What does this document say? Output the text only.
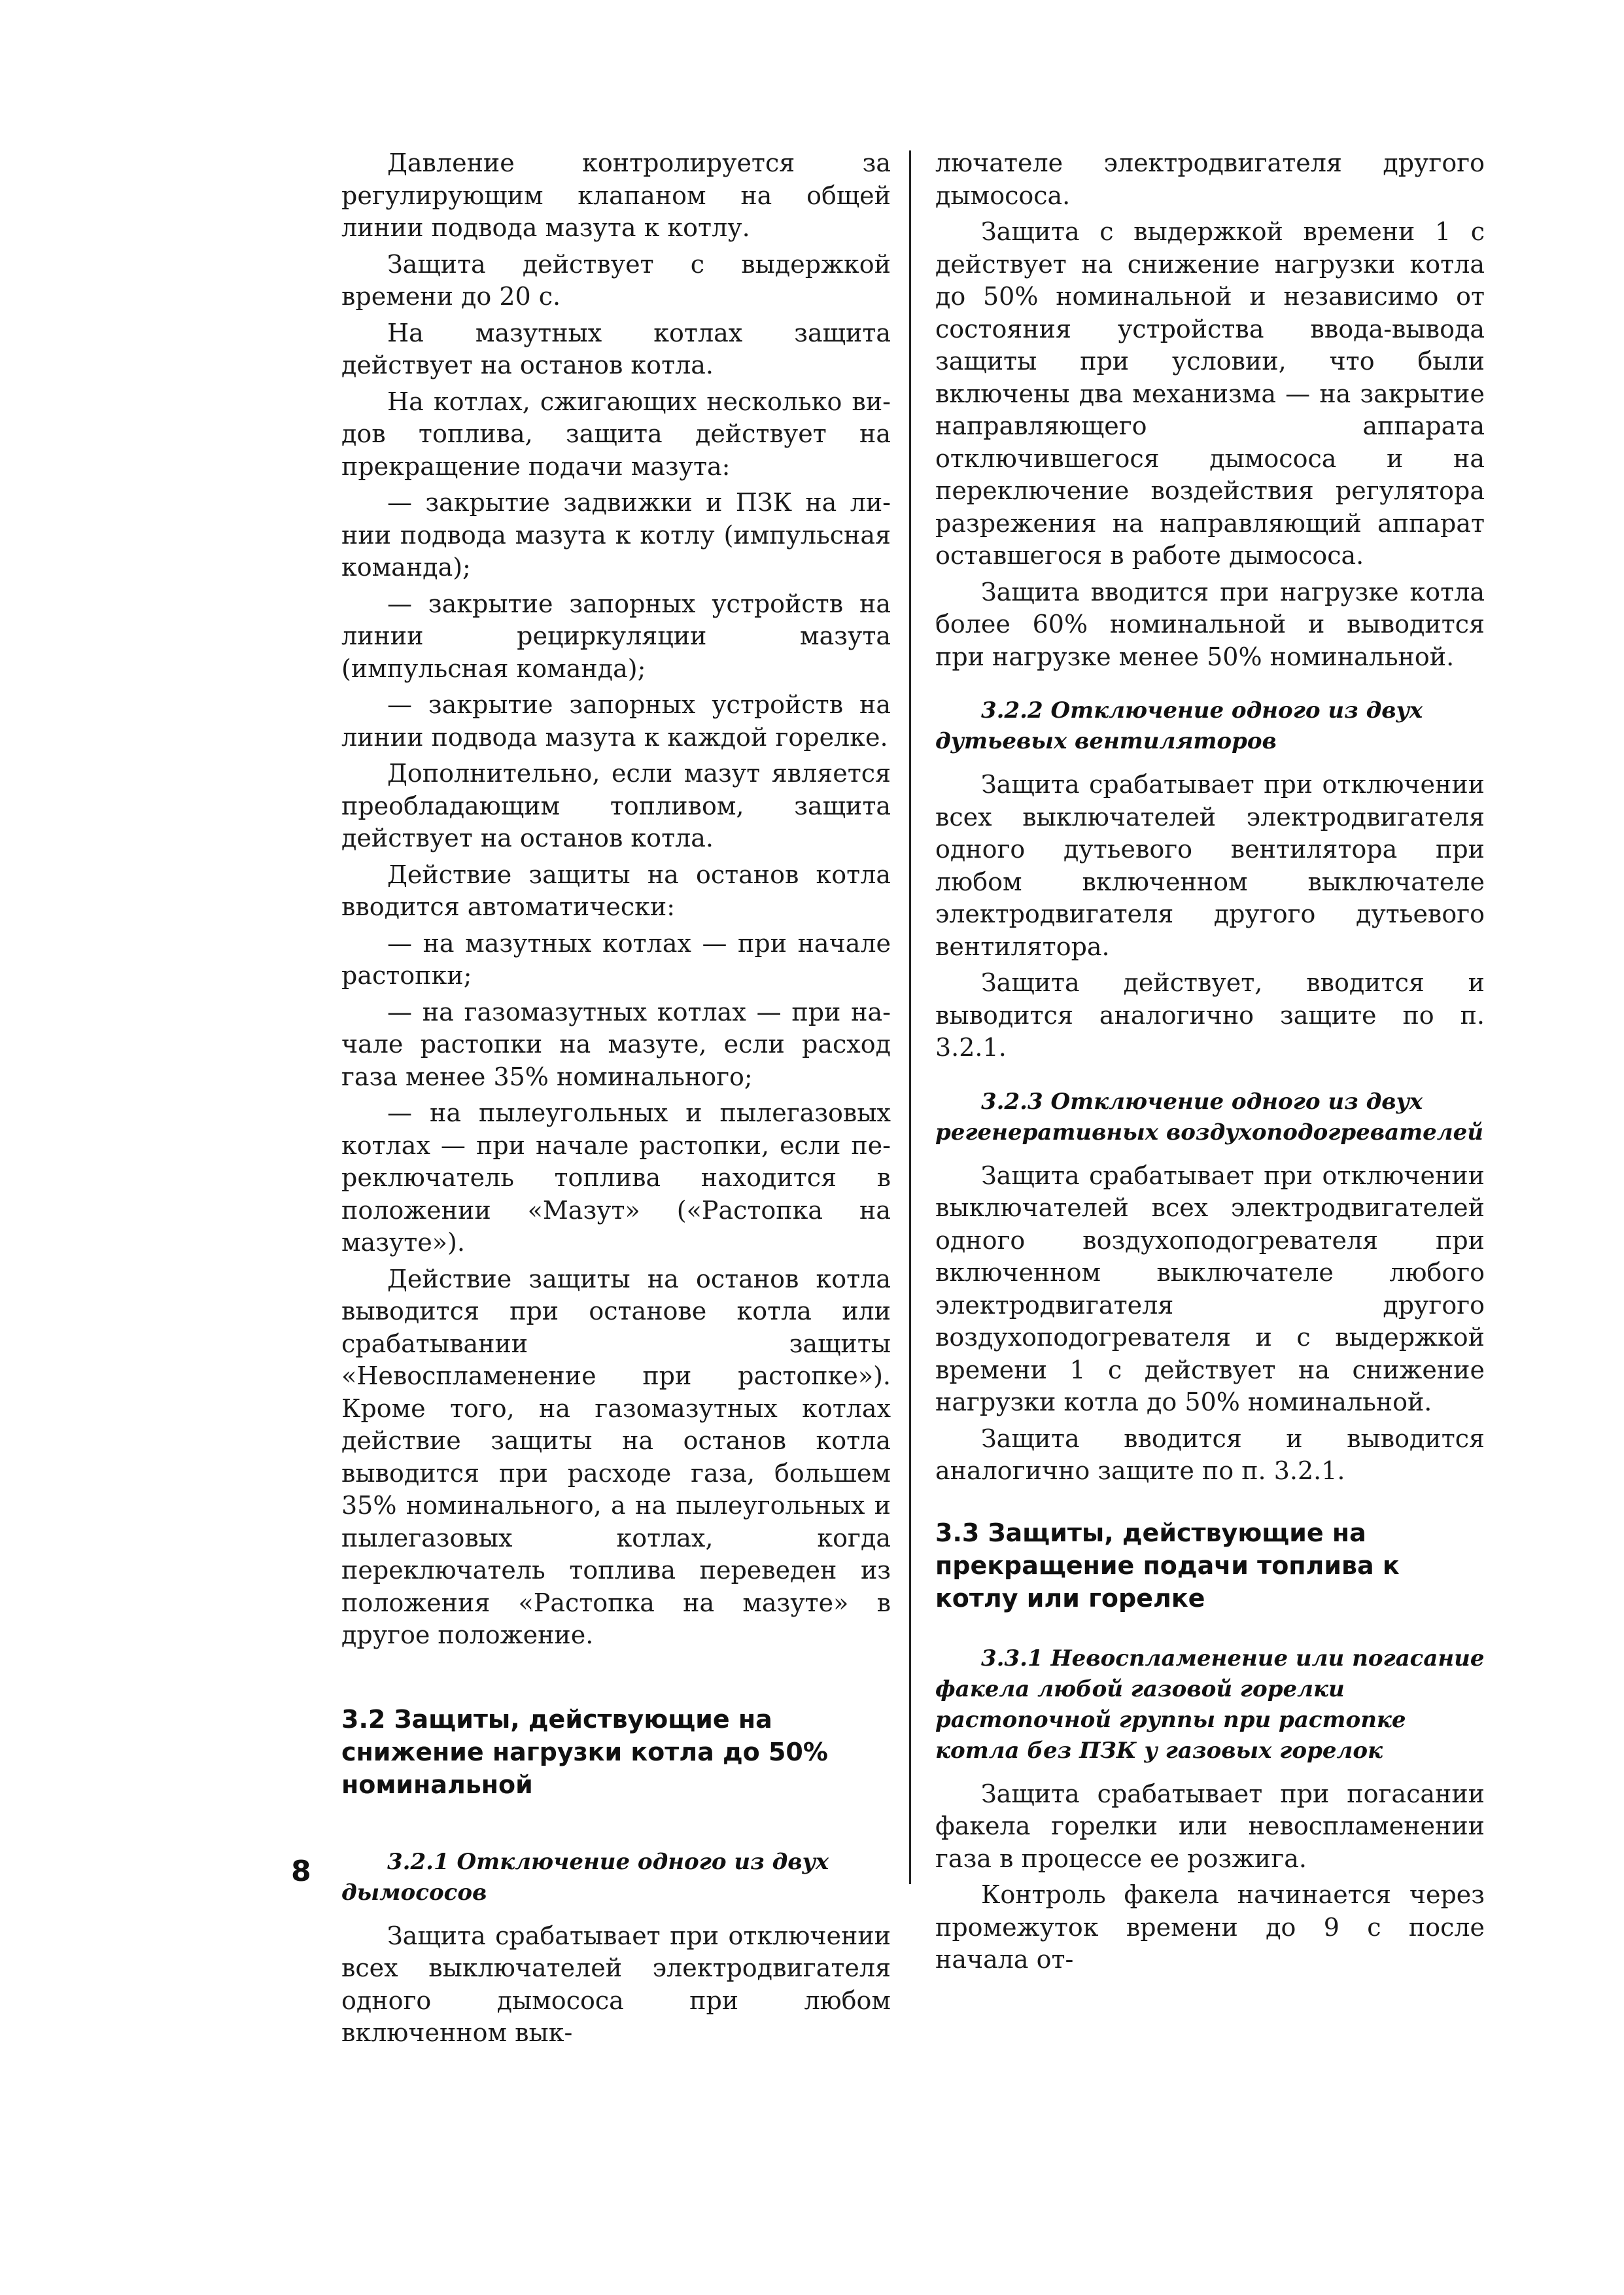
Давление контролируется за регулирующим клапаном на общей линии подвода мазута к котлу.

Защита действует с выдержкой времени до 20 с.

На мазутных котлах защита действует на останов котла.

На котлах, сжигающих несколько видов топлива, защита действует на прекращение подачи мазута:

— закрытие задвижки и ПЗК на линии подвода мазута к котлу (импульсная команда);

— закрытие запорных устройств на линии рециркуляции мазута (импульсная команда);

— закрытие запорных устройств на линии подвода мазута к каждой горелке.

Дополнительно, если мазут является преобладающим топливом, защита действует на останов котла.

Действие защиты на останов котла вводится автоматически:

— на мазутных котлах — при начале растопки;

— на газомазутных котлах — при начале растопки на мазуте, если расход газа менее 35% номинального;

— на пылеугольных и пылегазовых котлах — при начале растопки, если переключатель топлива находится в положении «Мазут» («Растопка на мазуте»).

Действие защиты на останов котла выводится при останове котла или срабатывании защиты «Невоспламенение при растопке»). Кроме того, на газомазутных котлах действие защиты на останов котла выводится при расходе газа, большем 35% номинального, а на пылеугольных и пылегазовых котлах, когда переключатель топлива переведен из положения «Растопка на мазуте» в другое положение.

3.2 Защиты, действующие на снижение нагрузки котла до 50% номинальной
3.2.1 Отключение одного из двух дымососов

Защита срабатывает при отключении всех выключателей электродвигателя одного дымососа при любом включенном вык-

лючателе электродвигателя другого дымососа.

Защита с выдержкой времени 1 с действует на снижение нагрузки котла до 50% номинальной и независимо от состояния устройства ввода-вывода защиты при условии, что были включены два механизма — на закрытие направляющего аппарата отключившегося дымососа и на переключение воздействия регулятора разрежения на направляющий аппарат оставшегося в работе дымососа.

Защита вводится при нагрузке котла более 60% номинальной и выводится при нагрузке менее 50% номинальной.

3.2.2 Отключение одного из двух дутьевых вентиляторов

Защита срабатывает при отключении всех выключателей электродвигателя одного дутьевого вентилятора при любом включенном выключателе электродвигателя другого дутьевого вентилятора.

Защита действует, вводится и выводится аналогично защите по п. 3.2.1.

3.2.3 Отключение одного из двух регенеративных воздухоподогревателей

Защита срабатывает при отключении выключателей всех электродвигателей одного воздухоподогревателя при включенном выключателе любого электродвигателя другого воздухоподогревателя и с выдержкой времени 1 с действует на снижение нагрузки котла до 50% номинальной.

Защита вводится и выводится аналогично защите по п. 3.2.1.

3.3 Защиты, действующие на прекращение подачи топлива к котлу или горелке
3.3.1 Невоспламенение или погасание факела любой газовой горелки растопочной группы при растопке котла без ПЗК у газовых горелок

Защита срабатывает при погасании факела горелки или невоспламенении газа в процессе ее розжига.

Контроль факела начинается через промежуток времени до 9 с после начала от-

8
